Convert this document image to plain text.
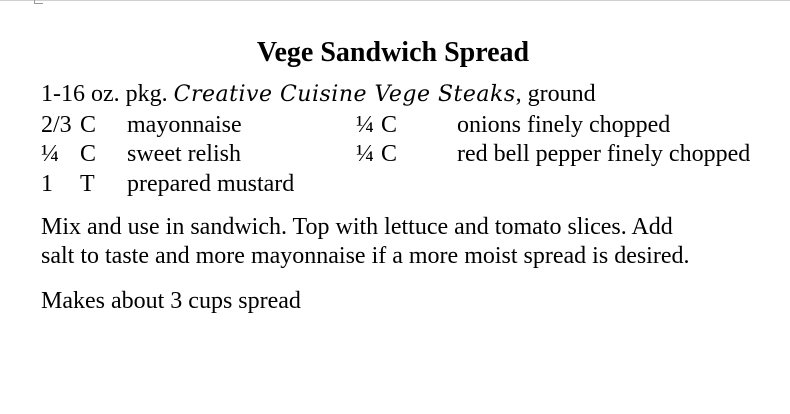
Vege Sandwich Spread
1-16 oz. pkg. Creative Cuisine Vege Steaks, ground
2/3 C mayonnaise	¼ C onions finely chopped
¼ C sweet relish	¼ C red bell pepper finely chopped
1 T prepared mustard
Mix and use in sandwich. Top with lettuce and tomato slices. Add
salt to taste and more mayonnaise if a more moist spread is desired.
Makes about 3 cups spread
